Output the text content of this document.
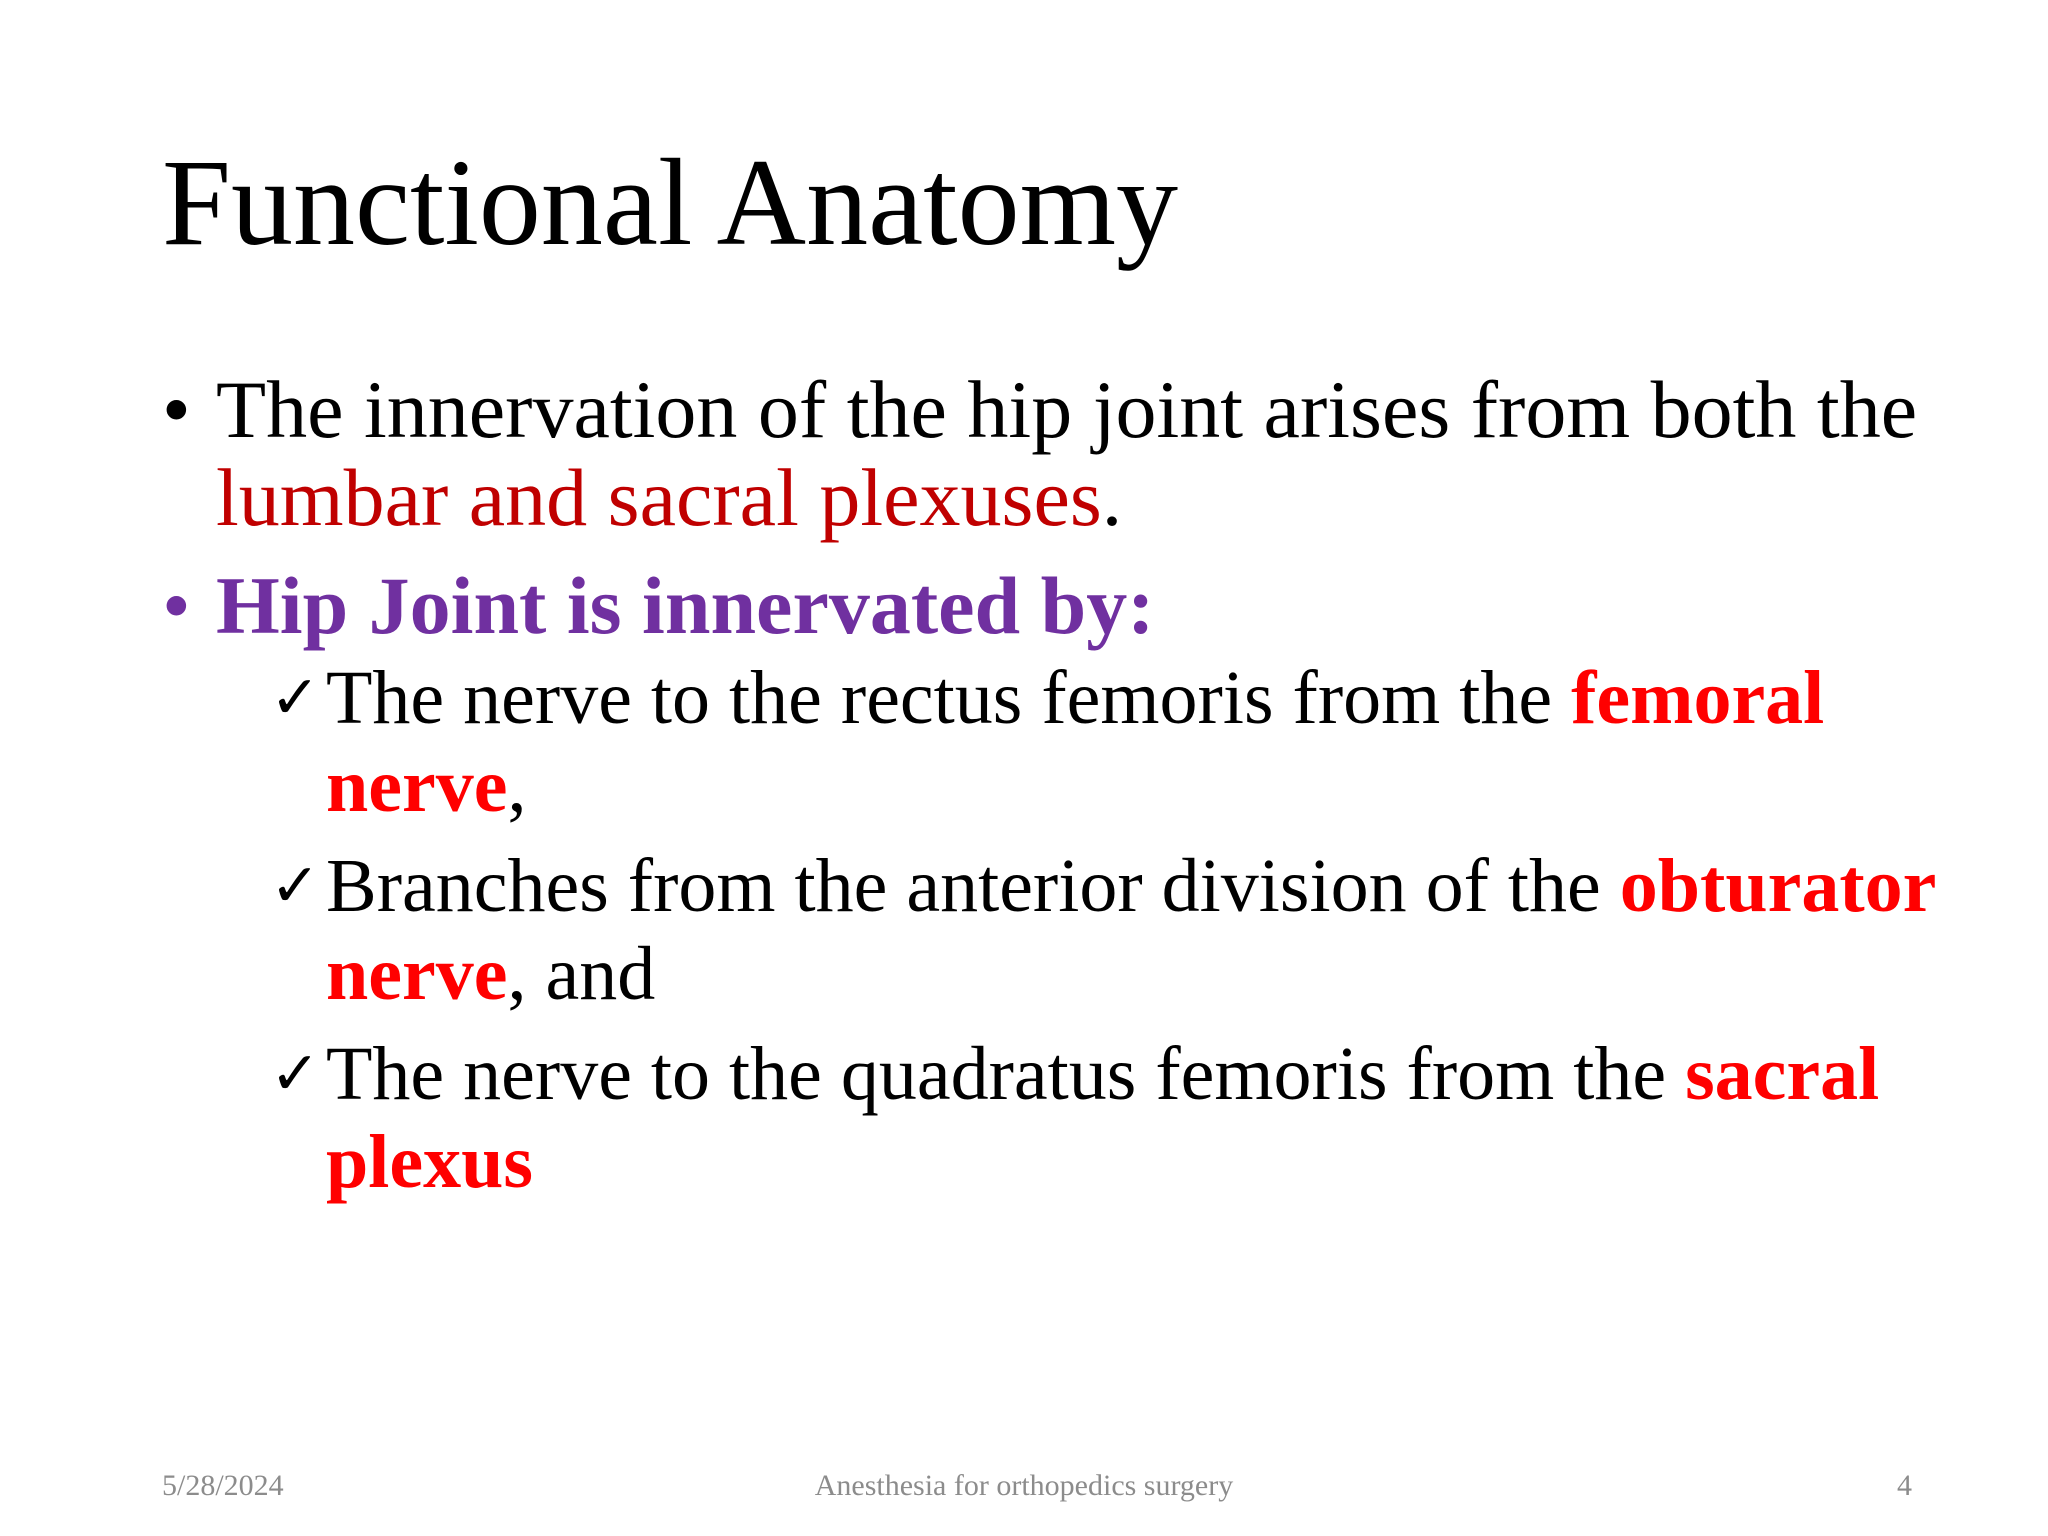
Functional Anatomy
• The innervation of the hip joint arises from both the lumbar and sacral plexuses.
• Hip Joint is innervated by:
✓ The nerve to the rectus femoris from the femoral nerve,
✓ Branches from the anterior division of the obturator nerve, and
✓ The nerve to the quadratus femoris from the sacral plexus
5/28/2024	Anesthesia for orthopedics surgery	4
